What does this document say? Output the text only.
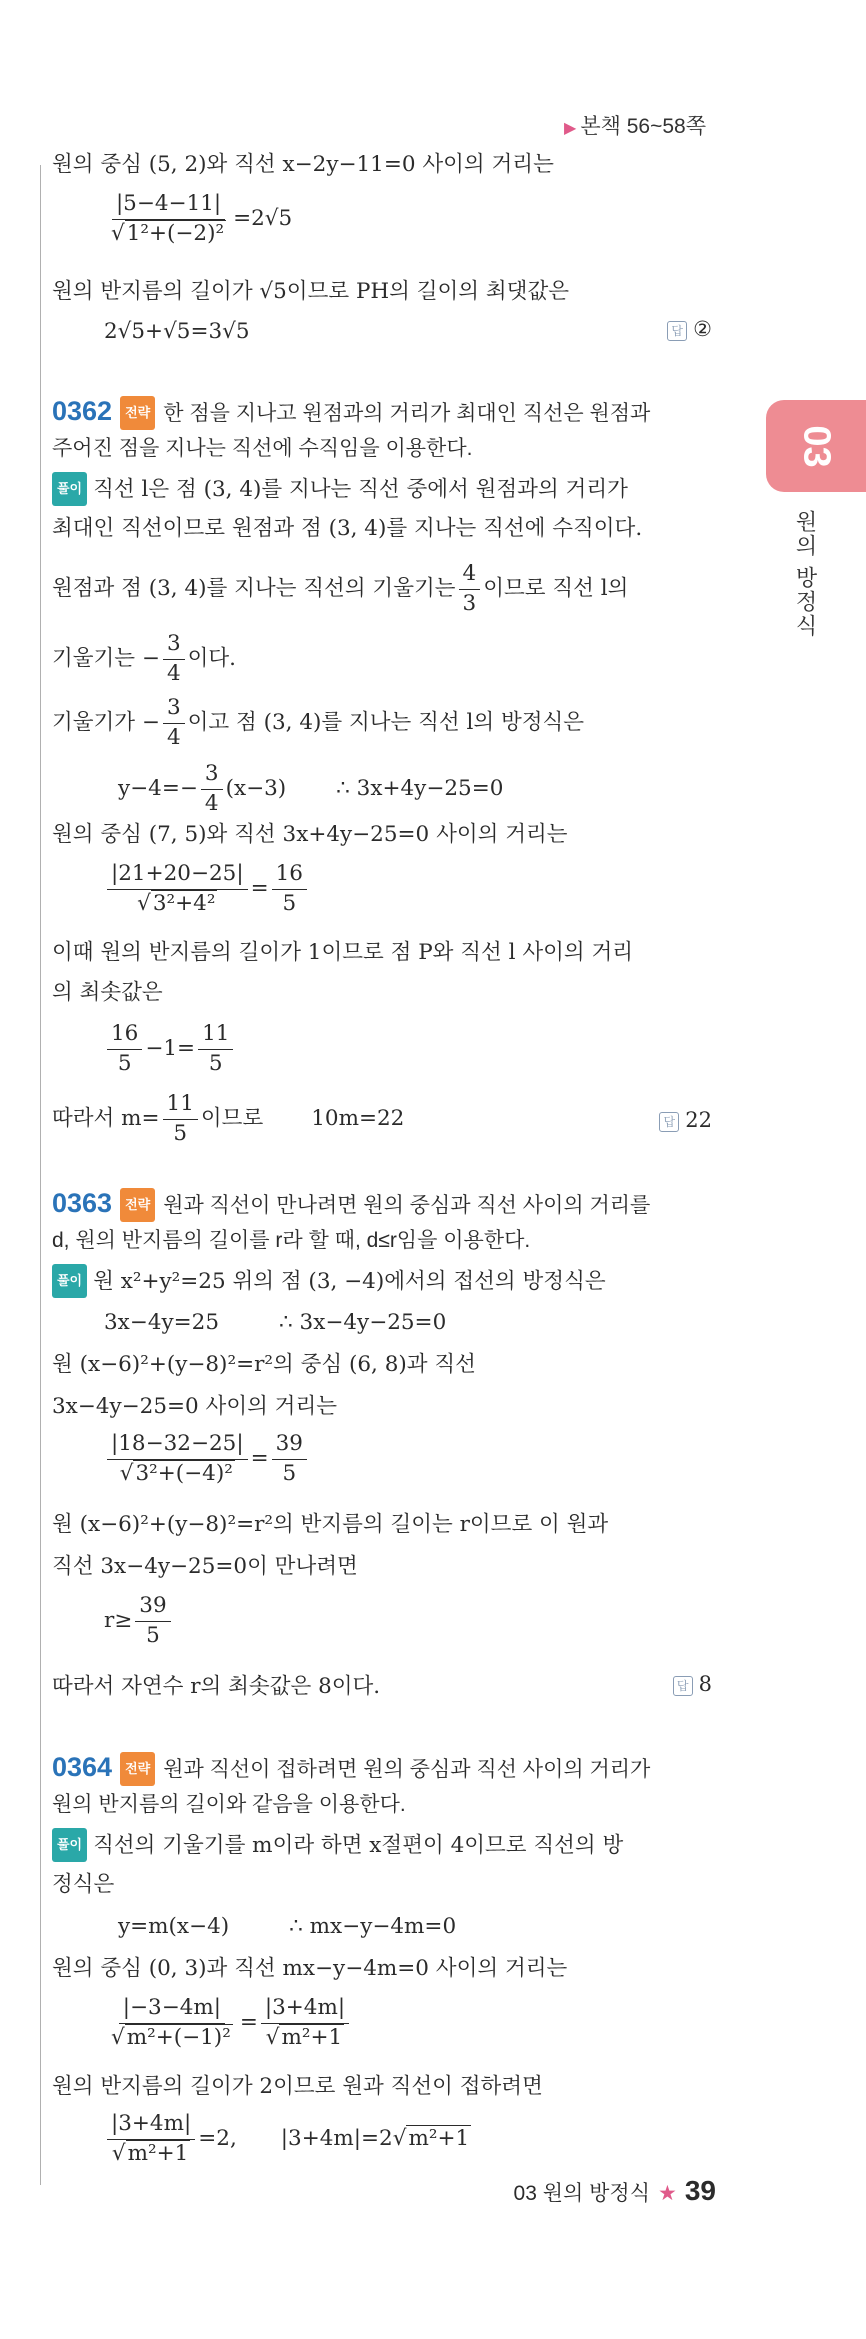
▶ 본책 56~58쪽
03
원의 방정식
원의 중심 (5, 2)와 직선 x−2y−11=0 사이의 거리는
$\frac{|5-4-11|}{\text{√1²+(−2)²}} =2√5$
원의 반지름의 길이가 √5이므로 PH의 길이의 최댓값은
2√5+√5=3√5	답 ②
0362 전략 한 점을 지나고 원점과의 거리가 최대인 직선은 원점과
주어진 점을 지나는 직선에 수직임을 이용한다.
풀이 직선 l은 점 (3, 4)를 지나는 직선 중에서 원점과의 거리가
최대인 직선이므로 원점과 점 (3, 4)를 지나는 직선에 수직이다.
원점과 점 (3, 4)를 지나는 직선의 기울기는 $\frac{4}{3}$ 이므로 직선 l의
기울기는 − $\frac{3}{4}$ 이다.
기울기가 − $\frac{3}{4}$ 이고 점 (3, 4)를 지나는 직선 l의 방정식은
$y-4=- \frac{3}{4} (x-3)$ ∴ 3x+4y−25=0
원의 중심 (7, 5)와 직선 3x+4y−25=0 사이의 거리는
$\frac{|21+20-25|}{\text{√3²+4²}} = \frac{16}{5}$
이때 원의 반지름의 길이가 1이므로 점 P와 직선 l 사이의 거리
의 최솟값은
$\frac{16}{5} -1= \frac{11}{5}$
따라서 $m= \frac{11}{5}$ 이므로 10m=22	답 22
0363 전략 원과 직선이 만나려면 원의 중심과 직선 사이의 거리를
d, 원의 반지름의 길이를 r라 할 때, d≤r임을 이용한다.
풀이 원 x²+y²=25 위의 점 (3, −4)에서의 접선의 방정식은
3x−4y=25	∴ 3x−4y−25=0
원 (x−6)²+(y−8)²=r²의 중심 (6, 8)과 직선
3x−4y−25=0 사이의 거리는
$\frac{|18-32-25|}{\text{√3²+(−4)²}} = \frac{39}{5}$
원 (x−6)²+(y−8)²=r²의 반지름의 길이는 r이므로 이 원과
직선 3x−4y−25=0이 만나려면
$r\ge \frac{39}{5}$
따라서 자연수 r의 최솟값은 8이다.	답 8
0364 전략 원과 직선이 접하려면 원의 중심과 직선 사이의 거리가
원의 반지름의 길이와 같음을 이용한다.
풀이 직선의 기울기를 m이라 하면 x절편이 4이므로 직선의 방
정식은
y=m(x−4)	∴ mx−y−4m=0
원의 중심 (0, 3)과 직선 mx−y−4m=0 사이의 거리는
$\frac{|-3-4m|}{\text{√m²+(−1)²}} = \frac{|3+4m|}{\text{√m²+1}}$
원의 반지름의 길이가 2이므로 원과 직선이 접하려면
$\frac{|3+4m|}{\text{√m²+1}} =2$, |3+4m|=2√m²+1
03 원의 방정식 ★ 39
